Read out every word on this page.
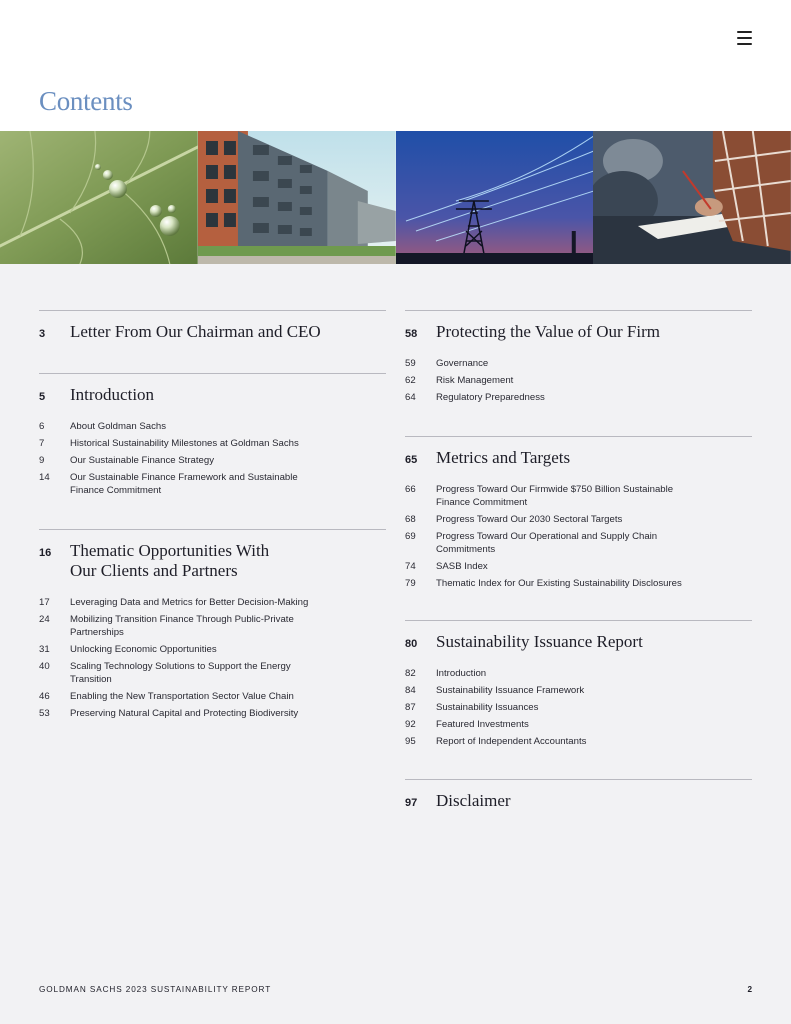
Contents
3 Letter From Our Chairman and CEO
5 Introduction
6	About Goldman Sachs
7	Historical Sustainability Milestones at Goldman Sachs
9	Our Sustainable Finance Strategy
14 Our Sustainable Finance Framework and Sustainable Finance Commitment
16 Thematic Opportunities With Our Clients and Partners
17 Leveraging Data and Metrics for Better Decision-Making
24 Mobilizing Transition Finance Through Public-Private Partnerships
31 Unlocking Economic Opportunities
40 Scaling Technology Solutions to Support the Energy Transition
46 Enabling the New Transportation Sector Value Chain
53 Preserving Natural Capital and Protecting Biodiversity
58 Protecting the Value of Our Firm
59 Governance
62 Risk Management
64 Regulatory Preparedness
65 Metrics and Targets
66 Progress Toward Our Firmwide $750 Billion Sustainable Finance Commitment
68 Progress Toward Our 2030 Sectoral Targets
69 Progress Toward Our Operational and Supply Chain Commitments
74 SASB Index
79 Thematic Index for Our Existing Sustainability Disclosures
80 Sustainability Issuance Report
82 Introduction
84 Sustainability Issuance Framework
87 Sustainability Issuances
92 Featured Investments
95 Report of Independent Accountants
97 Disclaimer
GOLDMAN SACHS 2023 SUSTAINABILITY REPORT	2
